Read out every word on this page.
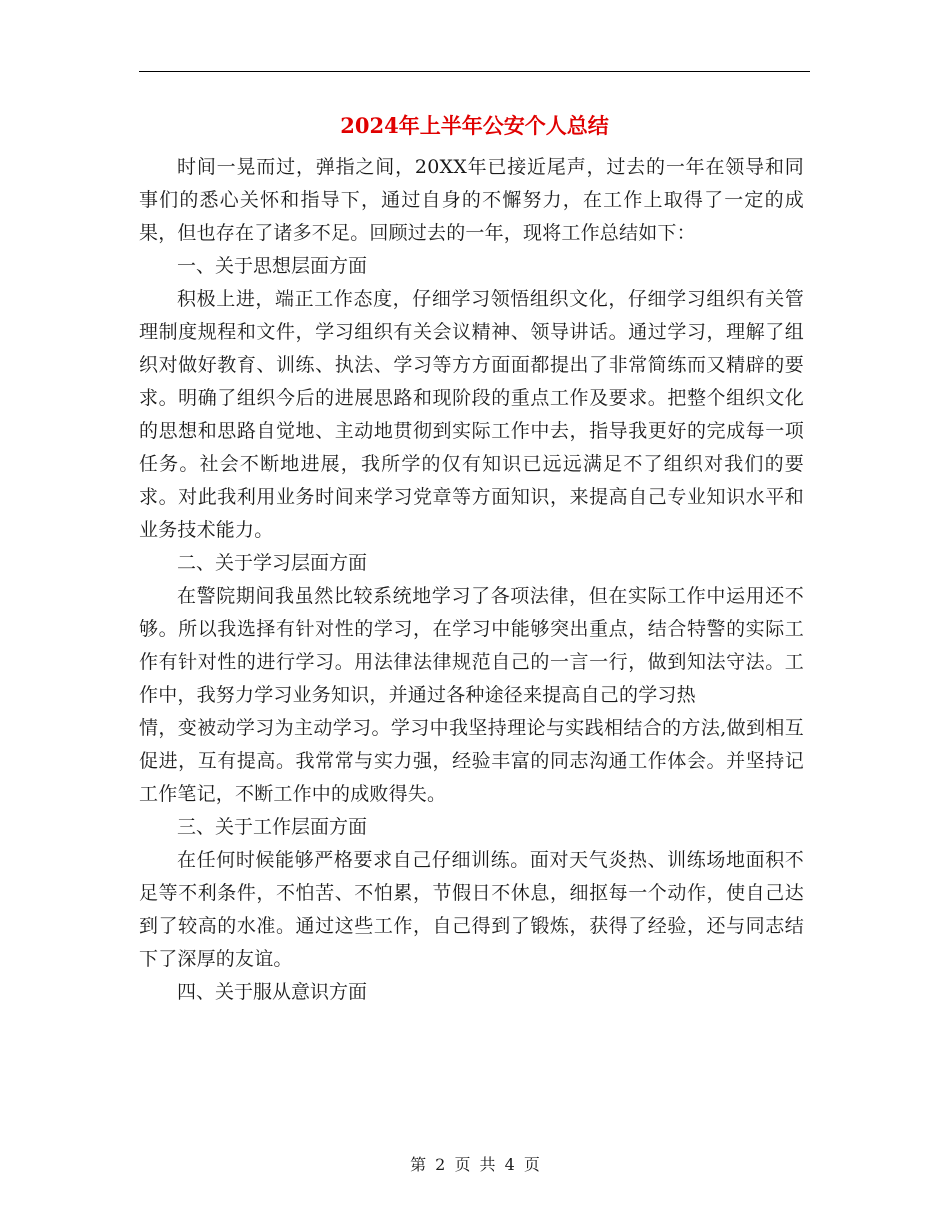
2024年上半年公安个人总结

时间一晃而过，弹指之间，20XX年已接近尾声，过去的一年在领导和同事们的悉心关怀和指导下，通过自身的不懈努力，在工作上取得了一定的成果，但也存在了诸多不足。回顾过去的一年，现将工作总结如下：

一、关于思想层面方面

积极上进，端正工作态度，仔细学习领悟组织文化，仔细学习组织有关管理制度规程和文件，学习组织有关会议精神、领导讲话。通过学习，理解了组织对做好教育、训练、执法、学习等方方面面都提出了非常简练而又精辟的要求。明确了组织今后的进展思路和现阶段的重点工作及要求。把整个组织文化的思想和思路自觉地、主动地贯彻到实际工作中去，指导我更好的完成每一项任务。社会不断地进展，我所学的仅有知识已远远满足不了组织对我们的要求。对此我利用业务时间来学习党章等方面知识，来提高自己专业知识水平和业务技术能力。

二、关于学习层面方面

在警院期间我虽然比较系统地学习了各项法律，但在实际工作中运用还不够。所以我选择有针对性的学习，在学习中能够突出重点，结合特警的实际工作有针对性的进行学习。用法律法律规范自己的一言一行，做到知法守法。工作中，我努力学习业务知识，并通过各种途径来提高自己的学习热

情，变被动学习为主动学习。学习中我坚持理论与实践相结合的方法,做到相互促进，互有提高。我常常与实力强，经验丰富的同志沟通工作体会。并坚持记工作笔记，不断工作中的成败得失。

三、关于工作层面方面

在任何时候能够严格要求自己仔细训练。面对天气炎热、训练场地面积不足等不利条件，不怕苦、不怕累，节假日不休息，细抠每一个动作，使自己达到了较高的水准。通过这些工作，自己得到了锻炼，获得了经验，还与同志结下了深厚的友谊。

四、关于服从意识方面

第 2 页 共 4 页
